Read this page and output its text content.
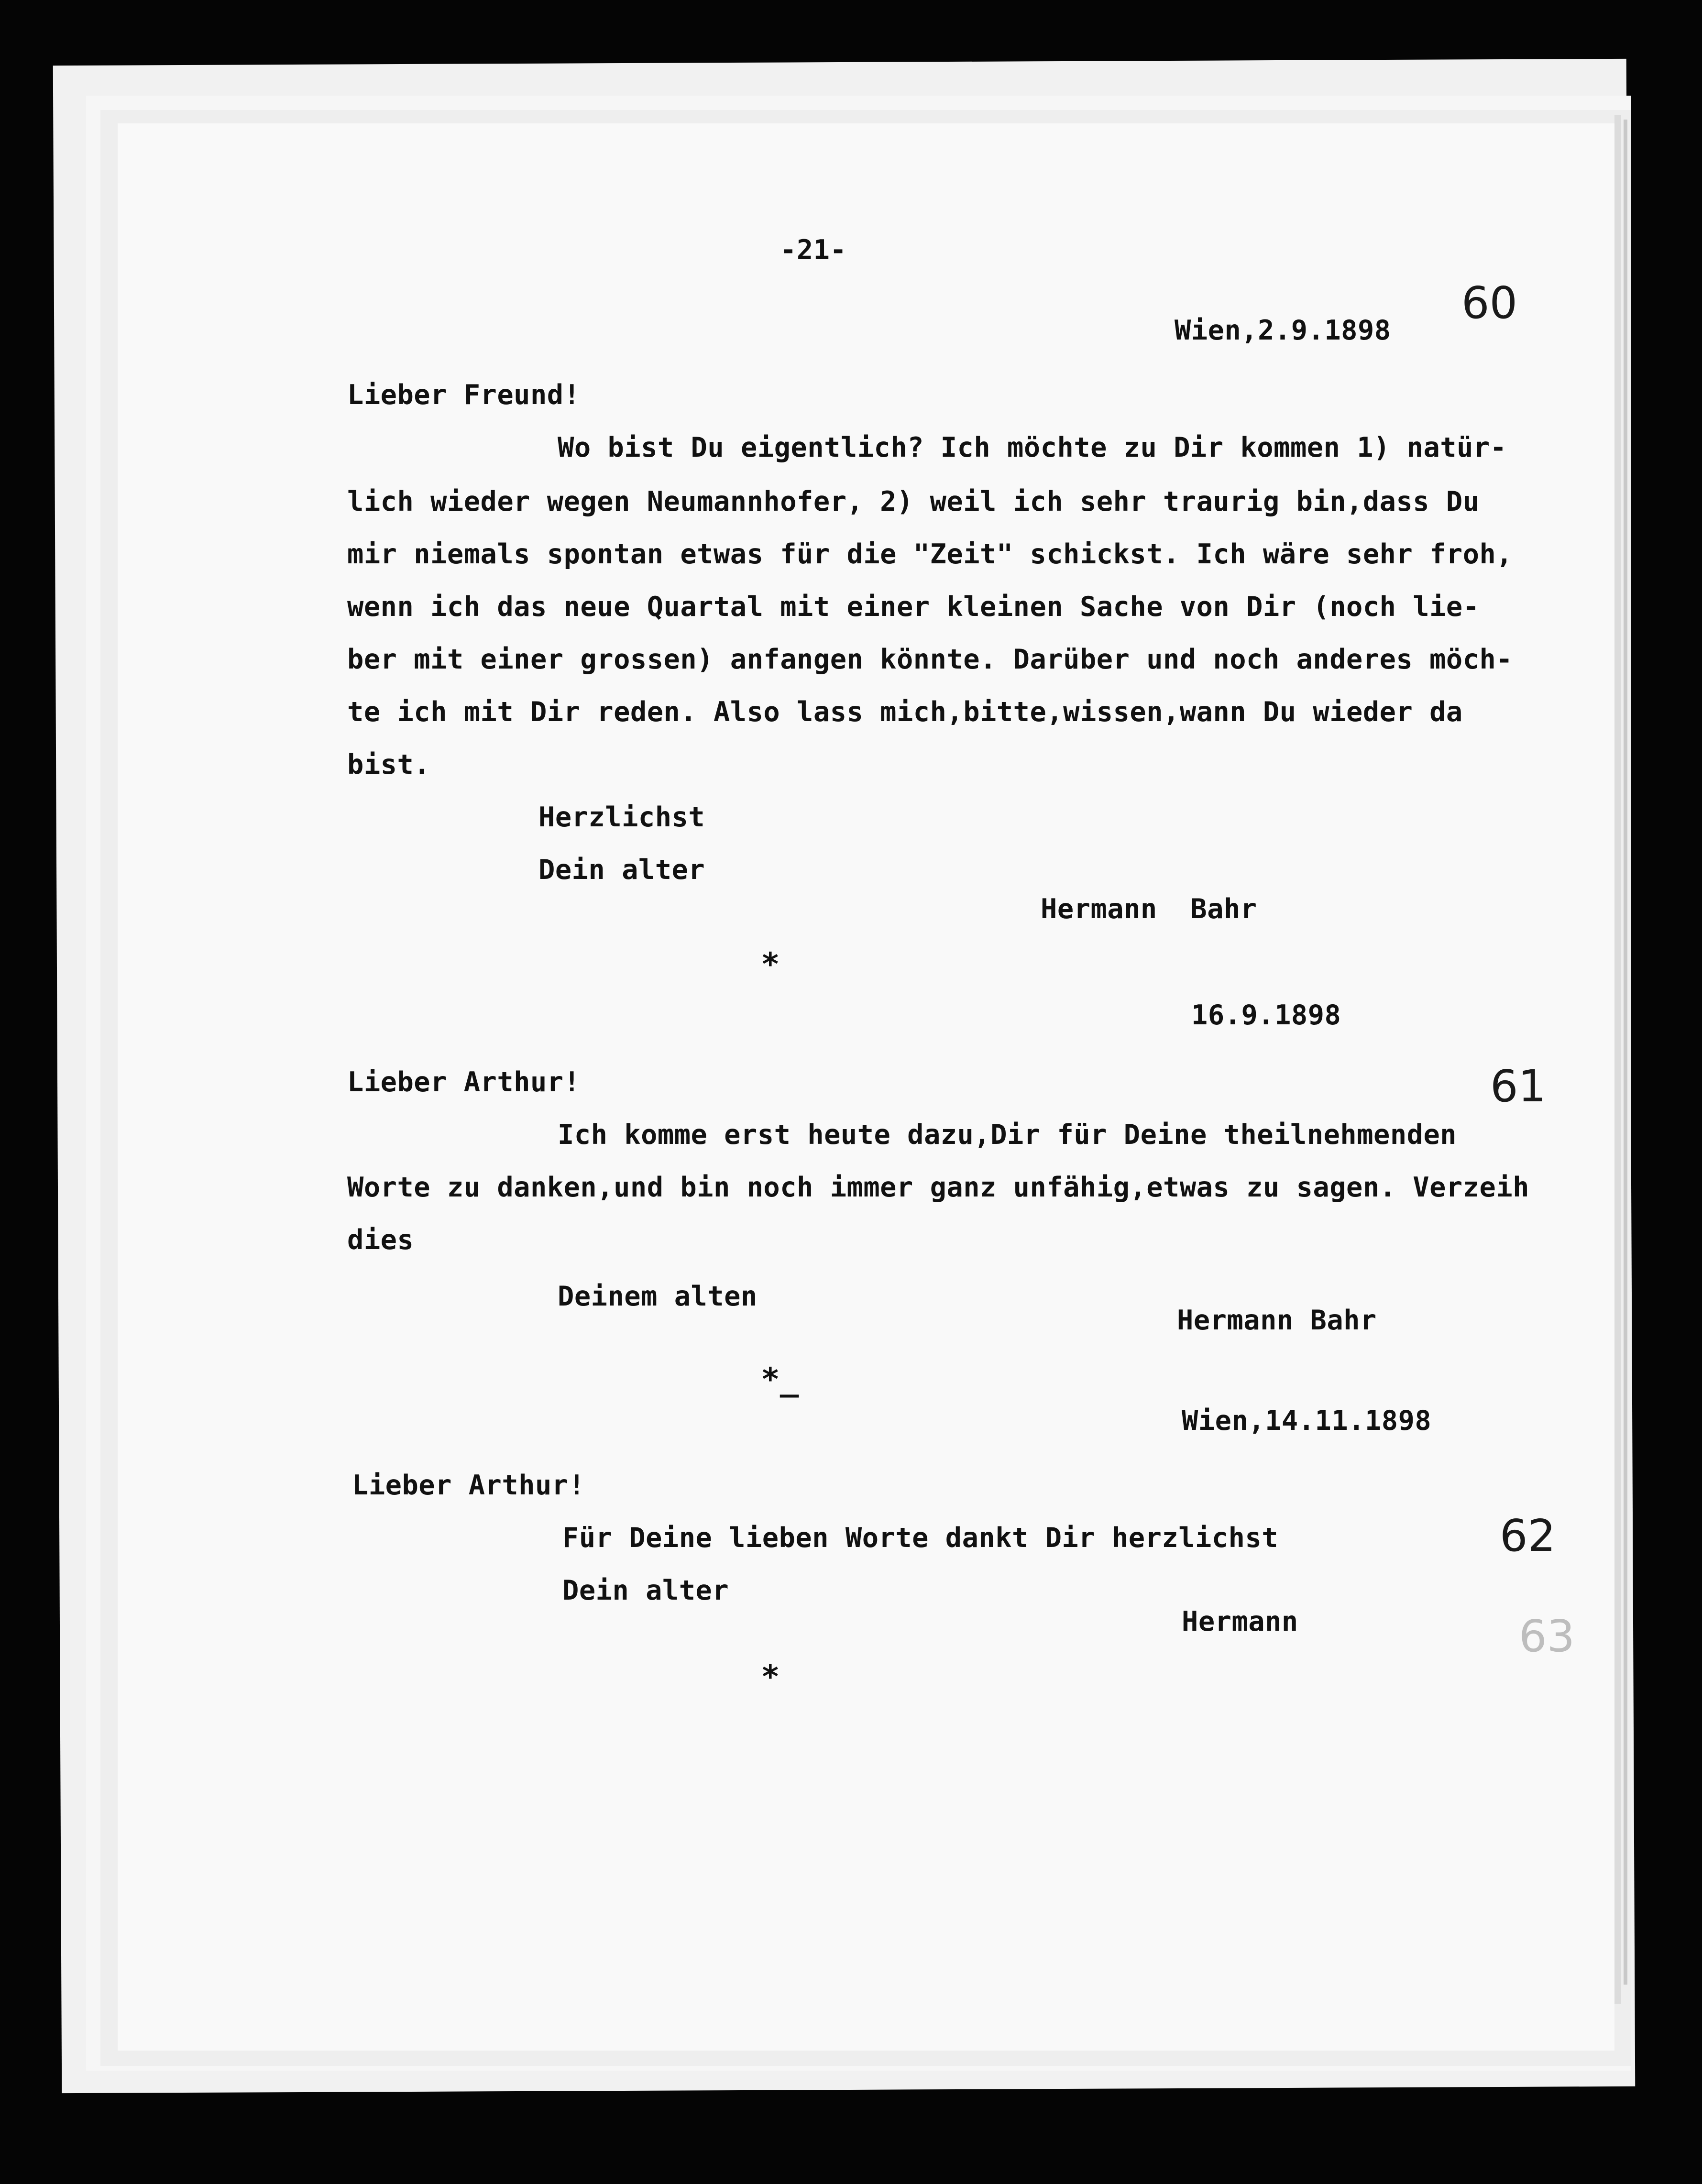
-21-
60
61
62
63
Wien,2.9.1898
Lieber Freund!
Wo bist Du eigentlich? Ich möchte zu Dir kommen 1) natür-
lich wieder wegen Neumannhofer, 2) weil ich sehr traurig bin,dass Du
mir niemals spontan etwas für die "Zeit" schickst. Ich wäre sehr froh,
wenn ich das neue Quartal mit einer kleinen Sache von Dir (noch lie-
ber mit einer grossen) anfangen könnte. Darüber und noch anderes möch-
te ich mit Dir reden. Also lass mich,bitte,wissen,wann Du wieder da
bist.
Herzlichst
Dein alter
Hermann  Bahr
*
16.9.1898
Lieber Arthur!
Ich komme erst heute dazu,Dir für Deine theilnehmenden
Worte zu danken,und bin noch immer ganz unfähig,etwas zu sagen. Verzeih
dies
Deinem alten
Hermann Bahr
*_
Wien,14.11.1898
Lieber Arthur!
Für Deine lieben Worte dankt Dir herzlichst
Dein alter
Hermann
*
